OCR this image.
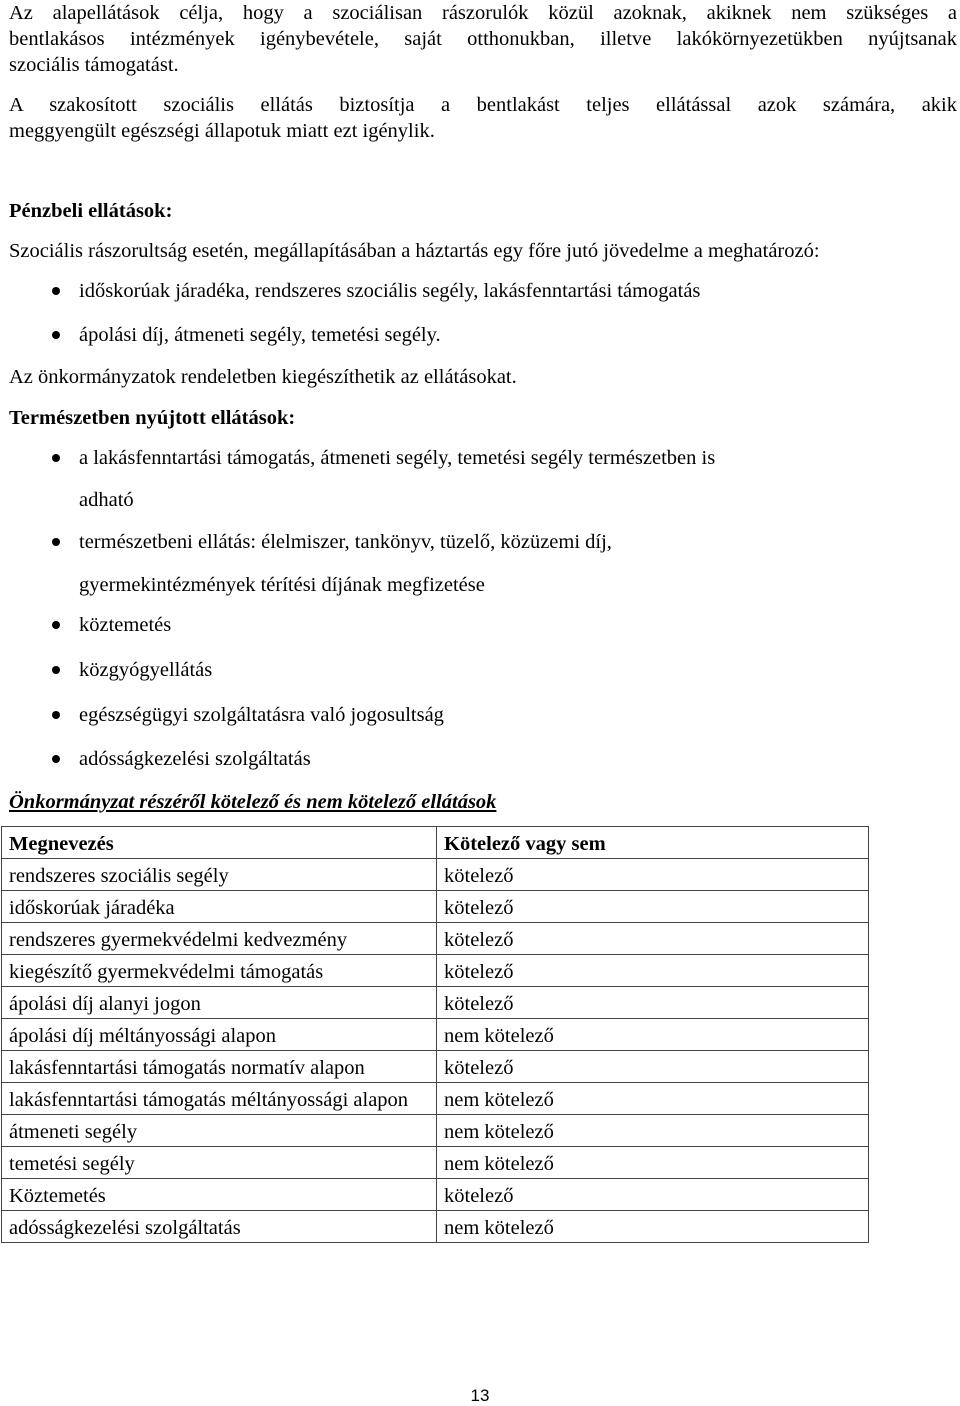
Az alapellátások célja, hogy a szociálisan rászorulók közül azoknak, akiknek nem szükséges a
bentlakásos intézmények igénybevétele, saját otthonukban, illetve lakókörnyezetükben nyújtsanak
szociális támogatást.
A szakosított szociális ellátás biztosítja a bentlakást teljes ellátással azok számára, akik
meggyengült egészségi állapotuk miatt ezt igénylik.
Pénzbeli ellátások:
Szociális rászorultság esetén, megállapításában a háztartás egy főre jutó jövedelme a meghatározó:
időskorúak járadéka, rendszeres szociális segély, lakásfenntartási támogatás
ápolási díj, átmeneti segély, temetési segély.
Az önkormányzatok rendeletben kiegészíthetik az ellátásokat.
Természetben nyújtott ellátások:
a lakásfenntartási támogatás, átmeneti segély, temetési segély természetben is
adható
természetbeni ellátás: élelmiszer, tankönyv, tüzelő, közüzemi díj,
gyermekintézmények térítési díjának megfizetése
köztemetés
közgyógyellátás
egészségügyi szolgáltatásra való jogosultság
adósságkezelési szolgáltatás
Önkormányzat részéről kötelező és nem kötelező ellátások
Megnevezés	Kötelező vagy sem
rendszeres szociális segély	kötelező
időskorúak járadéka	kötelező
rendszeres gyermekvédelmi kedvezmény	kötelező
kiegészítő gyermekvédelmi támogatás	kötelező
ápolási díj alanyi jogon	kötelező
ápolási díj méltányossági alapon	nem kötelező
lakásfenntartási támogatás normatív alapon	kötelező
lakásfenntartási támogatás méltányossági alapon	nem kötelező
átmeneti segély	nem kötelező
temetési segély	nem kötelező
Köztemetés	kötelező
adósságkezelési szolgáltatás	nem kötelező
13
